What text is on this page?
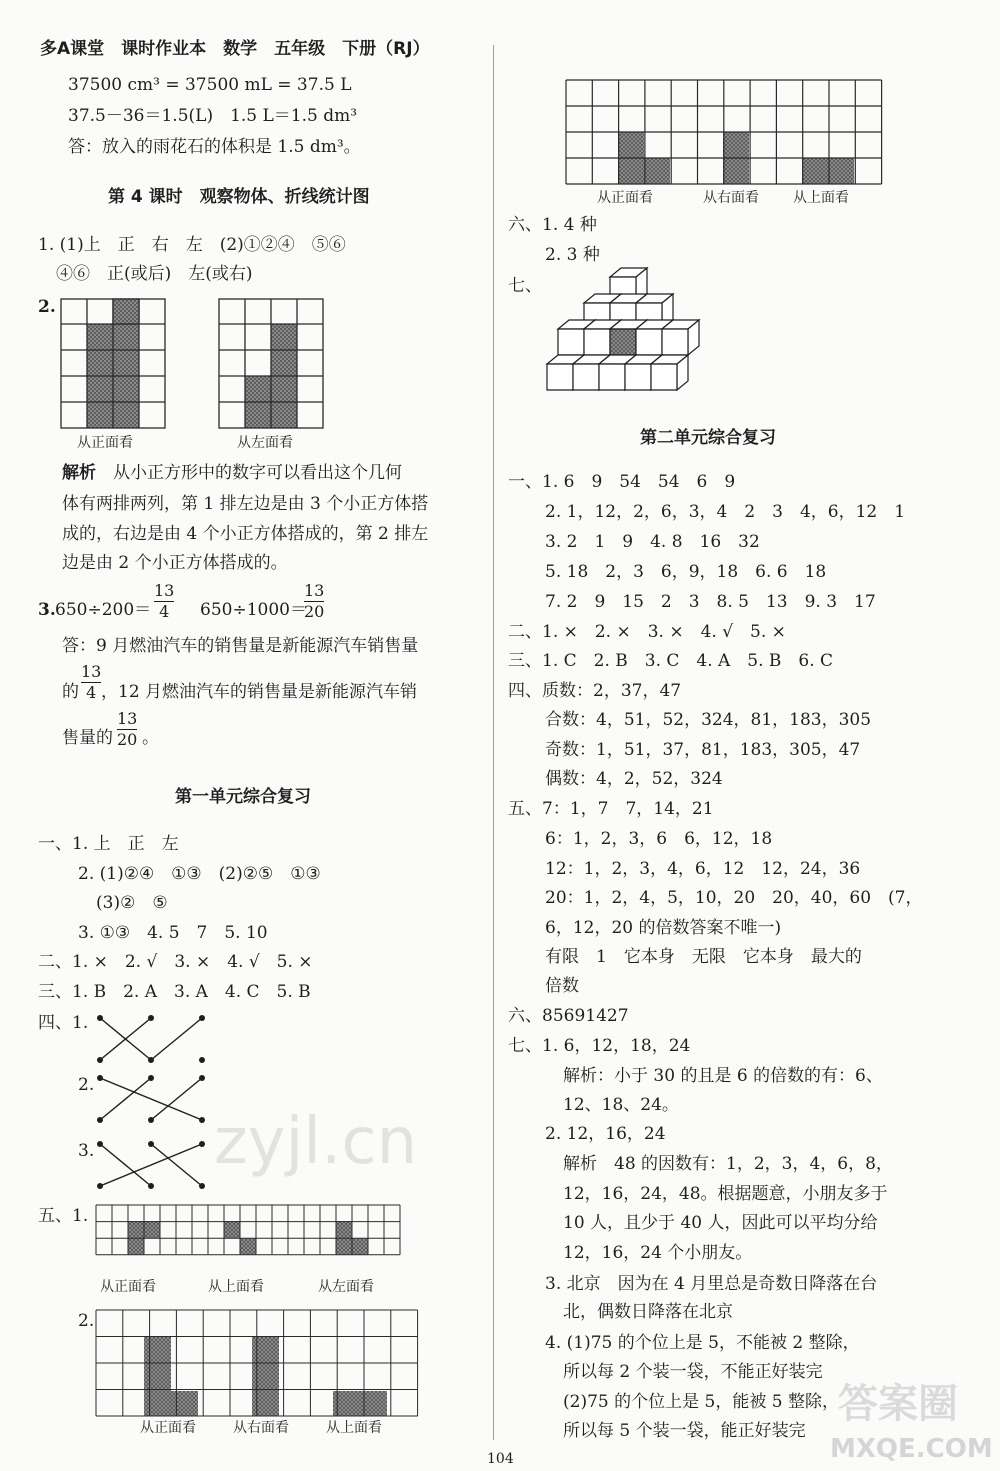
多A课堂　课时作业本　数学　五年级　下册（RJ）
37500 cm³ = 37500 mL = 37.5 L
37.5－36＝1.5(L)　1.5 L＝1.5 dm³
答：放入的雨花石的体积是 1.5 dm³。
第 4 课时　观察物体、折线统计图
1. (1)上　正　右　左　(2)①②④　⑤⑥
④⑥　正(或后)　左(或右)
2.
从正面看	从左面看
解析　从小正方形中的数字可以看出这个几何
体有两排两列，第 1 排左边是由 3 个小正方体搭
成的，右边是由 4 个小正方体搭成的，第 2 排左
边是由 2 个小正方体搭成的。
3. 650÷200＝
13
4 650÷1000＝
13
20
答：9 月燃油汽车的销售量是新能源汽车销售量
的
13
4 ，12 月燃油汽车的销售量是新能源汽车销
售量的
13
20 。
第一单元综合复习
一、1. 上　正　左
2. (1)②④　①③　(2)②⑤　①③
(3)②　⑤
3. ①③　4. 5　7　5. 10
二、1. ×　2. √　3. ×　4. √　5. ×
三、1. B　2. A　3. A　4. C　5. B
四、1.
2.
3. zyjl.cn
五、1.
从正面看	从上面看	从左面看
2.
从正面看	从右面看	从上面看
从正面看	从右面看 从上面看
六、1. 4 种
2. 3 种
七、
第二单元综合复习
一、1. 6　9　54　54　6　9
2. 1，12，2，6，3，4　2　3　4，6，12　1
3. 2　1　9　4. 8　16　32
5. 18　2，3　6，9，18　6. 6　18
7. 2　9　15　2　3　8. 5　13　9. 3　17
二、1. ×　2. ×　3. ×　4. √　5. ×
三、1. C　2. B　3. C　4. A　5. B　6. C
四、质数：2，37，47
合数：4，51，52，324，81，183，305
奇数：1，51，37，81，183，305，47
偶数：4，2，52，324
五、7：1，7　7，14，21
6：1，2，3，6　6，12，18
12：1，2，3，4，6，12　12，24，36
20：1，2，4，5，10，20　20，40，60　(7，
6，12，20 的倍数答案不唯一)
有限　1　它本身　无限　它本身　最大的
倍数
六、85691427
七、1. 6，12，18，24
解析：小于 30 的且是 6 的倍数的有：6、
12、18、24。
2. 12，16，24
解析　48 的因数有：1，2，3，4，6，8，
12，16，24，48。根据题意，小朋友多于
10 人，且少于 40 人，因此可以平均分给
12，16，24 个小朋友。
3. 北京　因为在 4 月里总是奇数日降落在台
北，偶数日降落在北京
4. (1)75 的个位上是 5，不能被 2 整除，
所以每 2 个装一袋，不能正好装完
(2)75 的个位上是 5，能被 5 整除，
所以每 5 个装一袋，能正好装完
答案圈
MXQE.COM
104
